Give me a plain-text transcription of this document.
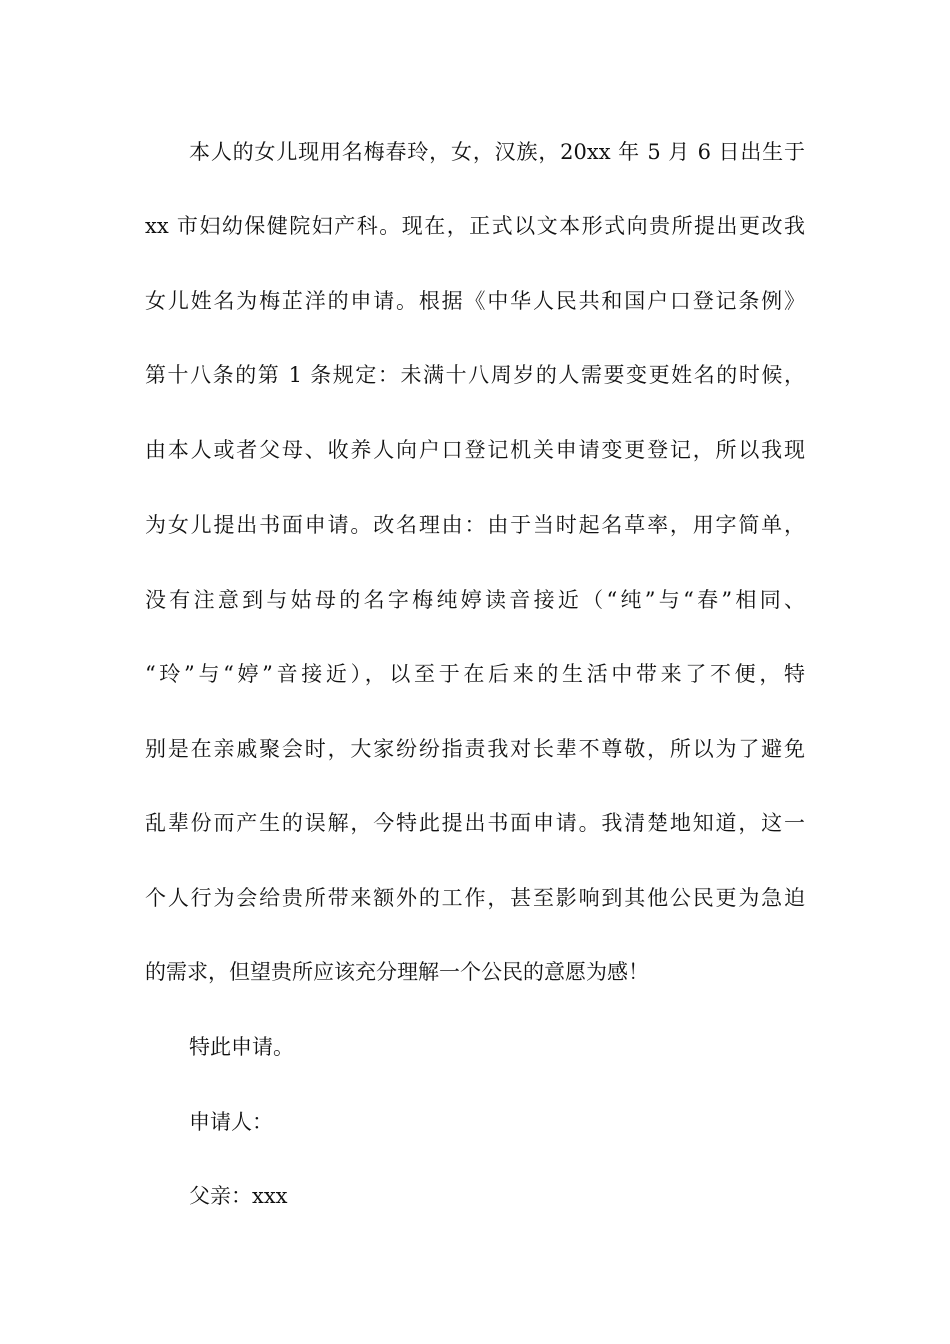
本人的女儿现用名梅春玲，女，汉族，20xx 年 5 月 6 日出生于
xx 市妇幼保健院妇产科。现在，正式以文本形式向贵所提出更改我
女儿姓名为梅芷洋的申请。根据《中华人民共和国户口登记条例》
第十八条的第 1 条规定：未满十八周岁的人需要变更姓名的时候，
由本人或者父母、收养人向户口登记机关申请变更登记，所以我现
为女儿提出书面申请。改名理由：由于当时起名草率，用字简单，
没有注意到与姑母的名字梅纯婷读音接近（“纯”与“春”相同、
“玲”与“婷”音接近），以至于在后来的生活中带来了不便，特
别是在亲戚聚会时，大家纷纷指责我对长辈不尊敬，所以为了避免
乱辈份而产生的误解，今特此提出书面申请。我清楚地知道，这一
个人行为会给贵所带来额外的工作，甚至影响到其他公民更为急迫
的需求，但望贵所应该充分理解一个公民的意愿为感！
特此申请。
申请人：
父亲：xxx
